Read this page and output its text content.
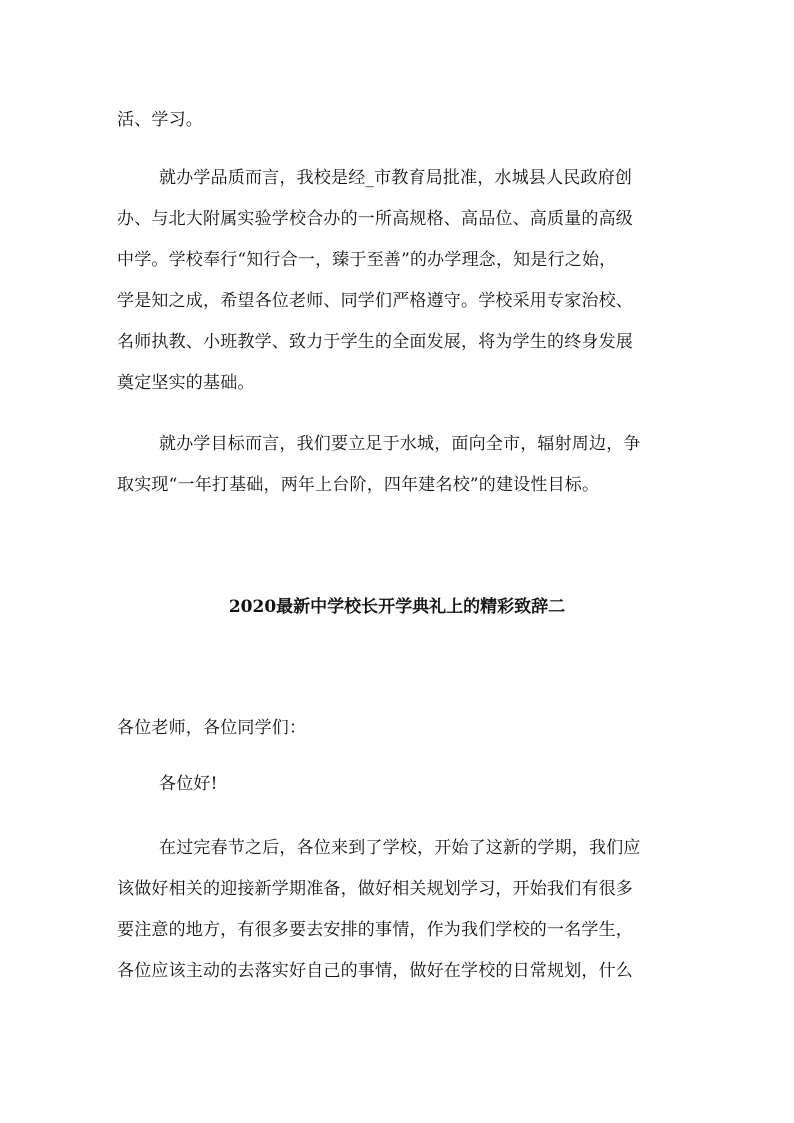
活、学习。
就办学品质而言，我校是经_市教育局批准，水城县人民政府创
办、与北大附属实验学校合办的一所高规格、高品位、高质量的高级
中学。学校奉行“知行合一，臻于至善”的办学理念，知是行之始，
学是知之成，希望各位老师、同学们严格遵守。学校采用专家治校、
名师执教、小班教学、致力于学生的全面发展，将为学生的终身发展
奠定坚实的基础。
就办学目标而言，我们要立足于水城，面向全市，辐射周边，争
取实现“一年打基础，两年上台阶，四年建名校”的建设性目标。
2020最新中学校长开学典礼上的精彩致辞二
各位老师，各位同学们：
各位好!
在过完春节之后，各位来到了学校，开始了这新的学期，我们应
该做好相关的迎接新学期准备，做好相关规划学习，开始我们有很多
要注意的地方，有很多要去安排的事情，作为我们学校的一名学生，
各位应该主动的去落实好自己的事情，做好在学校的日常规划，什么
